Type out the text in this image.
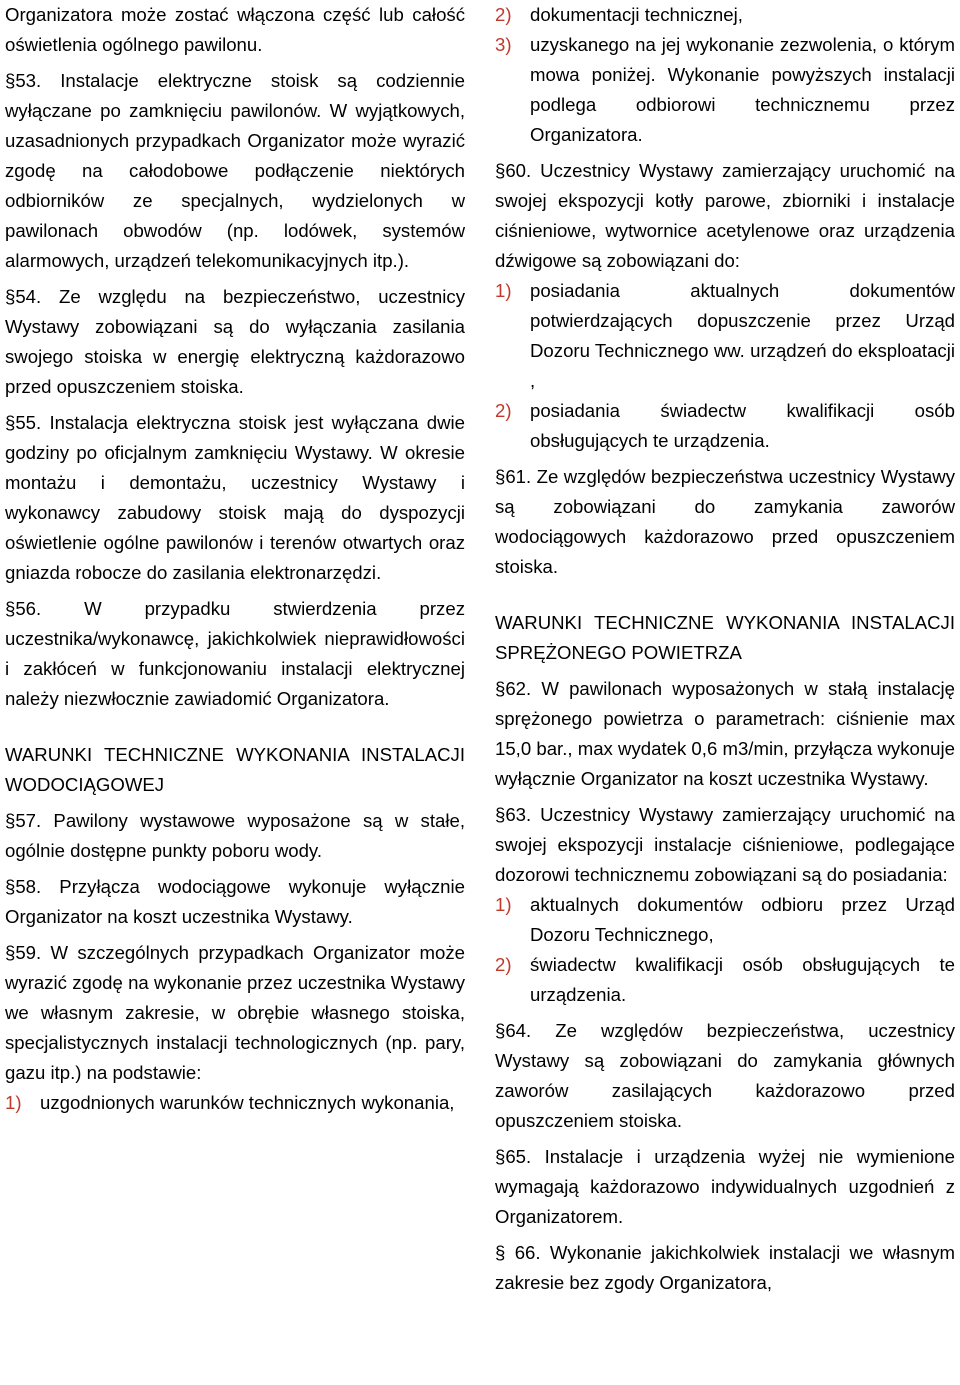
Organizatora może zostać włączona część lub całość oświetlenia ogólnego pawilonu.

§53. Instalacje elektryczne stoisk są codziennie wyłączane po zamknięciu pawilonów. W wyjątkowych, uzasadnionych przypadkach Organizator może wyrazić zgodę na całodobowe podłączenie niektórych odbiorników ze specjalnych, wydzielonych w pawilonach obwodów (np. lodówek, systemów alarmowych, urządzeń telekomunikacyjnych itp.).

§54. Ze względu na bezpieczeństwo, uczestnicy Wystawy zobowiązani są do wyłączania zasilania swojego stoiska w energię elektryczną każdorazowo przed opuszczeniem stoiska.

§55. Instalacja elektryczna stoisk jest wyłączana dwie godziny po oficjalnym zamknięciu Wystawy. W okresie montażu i demontażu, uczestnicy Wystawy i wykonawcy zabudowy stoisk mają do dyspozycji oświetlenie ogólne pawilonów i terenów otwartych oraz gniazda robocze do zasilania elektronarzędzi.

§56. W przypadku stwierdzenia przez uczestnika/wykonawcę, jakichkolwiek nieprawidłowości i zakłóceń w funkcjonowaniu instalacji elektrycznej należy niezwłocznie zawiadomić Organizatora.

WARUNKI TECHNICZNE WYKONANIA INSTALACJI WODOCIĄGOWEJ

§57. Pawilony wystawowe wyposażone są w stałe, ogólnie dostępne punkty poboru wody.

§58. Przyłącza wodociągowe wykonuje wyłącznie Organizator na koszt uczestnika Wystawy.

§59. W szczególnych przypadkach Organizator może wyrazić zgodę na wykonanie przez uczestnika Wystawy we własnym zakresie, w obrębie własnego stoiska, specjalistycznych instalacji technologicznych (np. pary, gazu itp.) na podstawie:

1) uzgodnionych warunków technicznych wykonania,
2) dokumentacji technicznej,
3) uzyskanego na jej wykonanie zezwolenia, o którym mowa poniżej. Wykonanie powyższych instalacji podlega odbiorowi technicznemu przez Organizatora.

§60. Uczestnicy Wystawy zamierzający uruchomić na swojej ekspozycji kotły parowe, zbiorniki i instalacje ciśnieniowe, wytwornice acetylenowe oraz urządzenia dźwigowe są zobowiązani do:

1) posiadania aktualnych dokumentów potwierdzających dopuszczenie przez Urząd Dozoru Technicznego ww. urządzeń do eksploatacji ,
2) posiadania świadectw kwalifikacji osób obsługujących te urządzenia.

§61. Ze względów bezpieczeństwa uczestnicy Wystawy są zobowiązani do zamykania zaworów wodociągowych każdorazowo przed opuszczeniem stoiska.

WARUNKI TECHNICZNE WYKONANIA INSTALACJI SPRĘŻONEGO POWIETRZA

§62. W pawilonach wyposażonych w stałą instalację sprężonego powietrza o parametrach: ciśnienie max 15,0 bar., max wydatek 0,6 m3/min, przyłącza wykonuje wyłącznie Organizator na koszt uczestnika Wystawy.

§63. Uczestnicy Wystawy zamierzający uruchomić na swojej ekspozycji instalacje ciśnieniowe, podlegające dozorowi technicznemu zobowiązani są do posiadania:

1) aktualnych dokumentów odbioru przez Urząd Dozoru Technicznego,
2) świadectw kwalifikacji osób obsługujących te urządzenia.

§64. Ze względów bezpieczeństwa, uczestnicy Wystawy są zobowiązani do zamykania głównych zaworów zasilających każdorazowo przed opuszczeniem stoiska.

§65. Instalacje i urządzenia wyżej nie wymienione wymagają każdorazowo indywidualnych uzgodnień z Organizatorem.

§ 66. Wykonanie jakichkolwiek instalacji we własnym zakresie bez zgody Organizatora,
